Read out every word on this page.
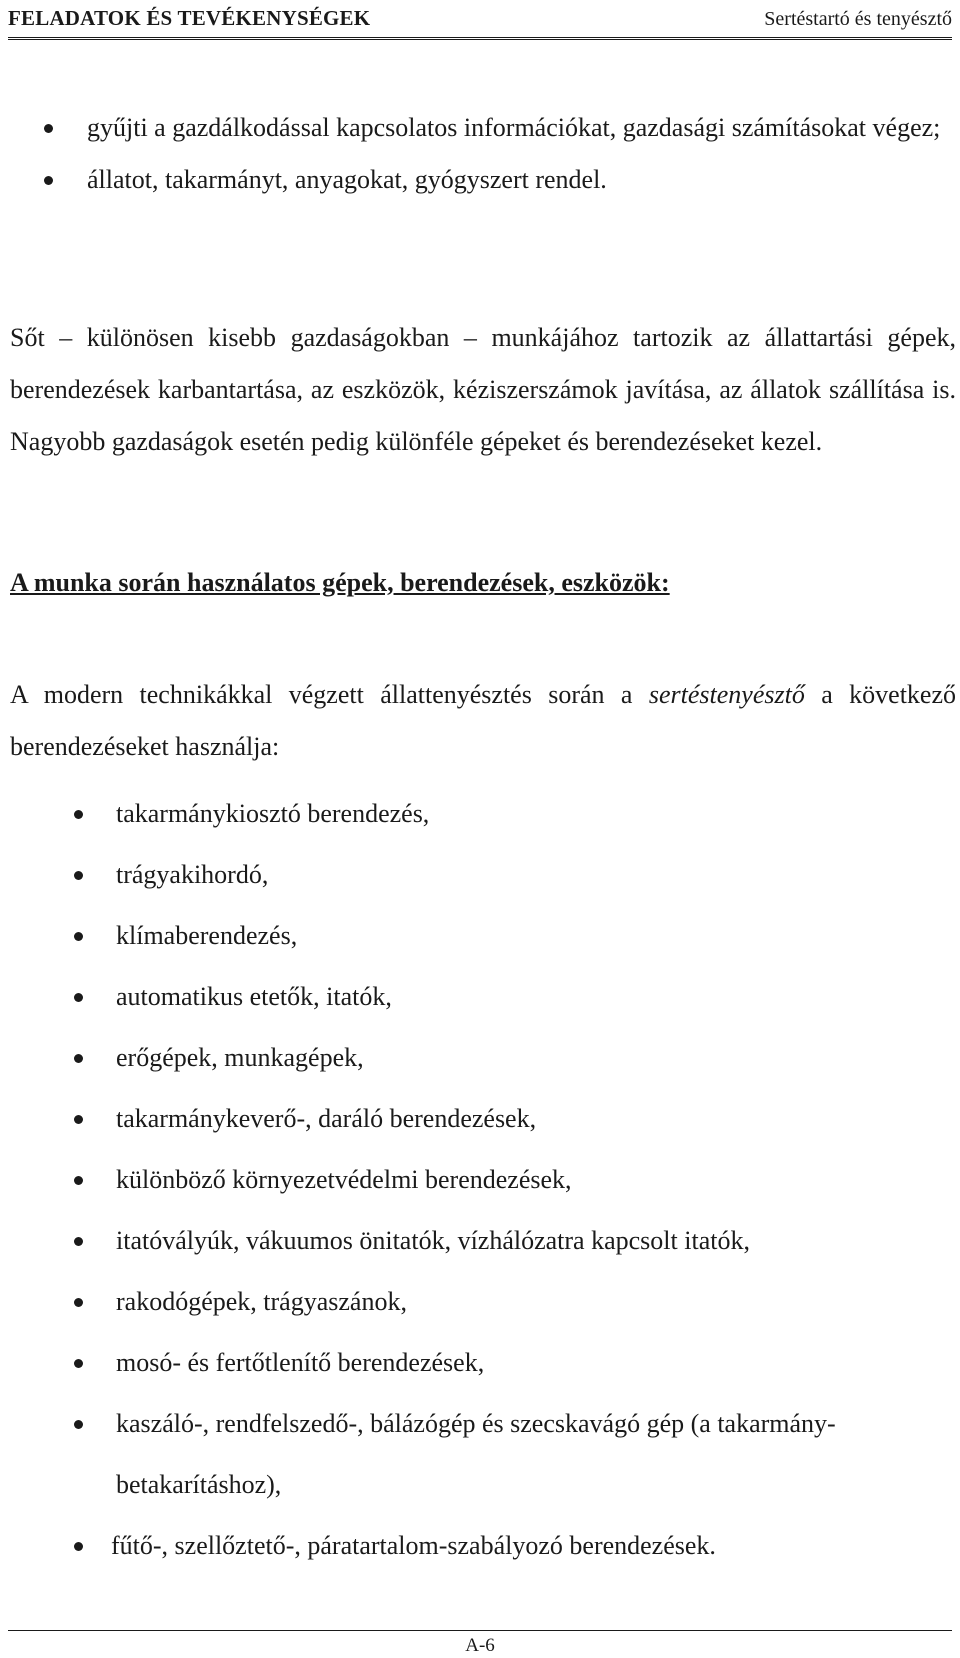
FELADATOK ÉS TEVÉKENYSÉGEK	Sertéstartó és tenyésztő
gyűjti a gazdálkodással kapcsolatos információkat, gazdasági számításokat végez;
állatot, takarmányt, anyagokat, gyógyszert rendel.
Sőt – különösen kisebb gazdaságokban – munkájához tartozik az állattartási gépek, berendezések karbantartása, az eszközök, kéziszerszámok javítása, az állatok szállítása is. Nagyobb gazdaságok esetén pedig különféle gépeket és berendezéseket kezel.
A munka során használatos gépek, berendezések, eszközök:
A modern technikákkal végzett állattenyésztés során a sertéstenyésztő a következő berendezéseket használja:
takarmánykiosztó berendezés,
trágyakihordó,
klímaberendezés,
automatikus etetők, itatók,
erőgépek, munkagépek,
takarmánykeverő-, daráló berendezések,
különböző környezetvédelmi berendezések,
itatóvályúk, vákuumos önitatók, vízhálózatra kapcsolt itatók,
rakodógépek, trágyaszánok,
mosó- és fertőtlenítő berendezések,
kaszáló-, rendfelszedő-, bálázógép és szecskavágó gép (a takarmány-betakarításhoz),
fűtő-, szellőztető-, páratartalom-szabályozó berendezések.
A-6
